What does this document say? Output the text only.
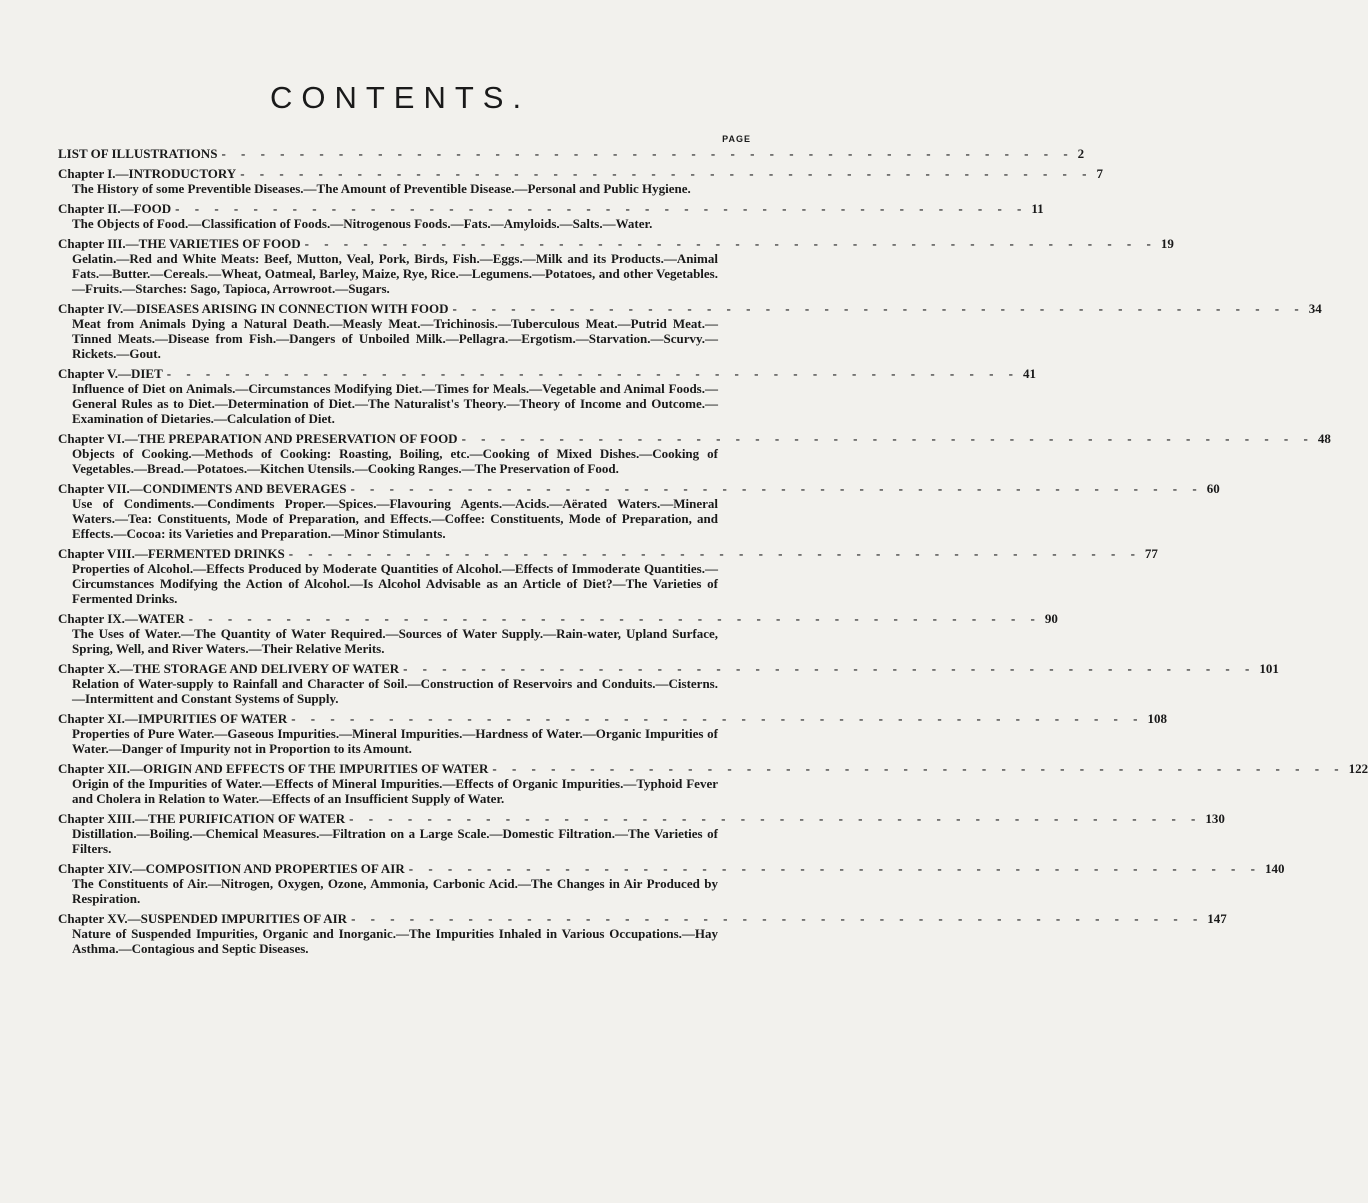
CONTENTS.
PAGE
LIST OF ILLUSTRATIONS - - - - - - - - - - - - - - - - - - - - - - - - - - - - - - - - - - - - - - - - - - - - 2
Chapter I.—INTRODUCTORY - - - - - - - - - - - - - - - - - - - - - - - - - - - - - - - - - - - - - - - - - - - - 7
The History of some Preventible Diseases.—The Amount of Preventible Disease.—Personal and Public Hygiene.
Chapter II.—FOOD - - - - - - - - - - - - - - - - - - - - - - - - - - - - - - - - - - - - - - - - - - - - 11
The Objects of Food.—Classification of Foods.—Nitrogenous Foods.—Fats.—Amyloids.—Salts.—Water.
Chapter III.—THE VARIETIES OF FOOD - - - - - - - - - - - - - - - - - - - - - - - - - - - - - - - - - - - - - - - - - - - - 19
Gelatin.—Red and White Meats: Beef, Mutton, Veal, Pork, Birds, Fish.—Eggs.—Milk and its Products.—Animal Fats.—Butter.—Cereals.—Wheat, Oatmeal, Barley, Maize, Rye, Rice.—Legumens.—Potatoes, and other Vegetables.—Fruits.—Starches: Sago, Tapioca, Arrowroot.—Sugars.
Chapter IV.—DISEASES ARISING IN CONNECTION WITH FOOD - - - - - - - - - - - - - - - - - - - - - - - - - - - - - - - - - - - - - - - - - - - - 34
Meat from Animals Dying a Natural Death.—Measly Meat.—Trichinosis.—Tuberculous Meat.—Putrid Meat.—Tinned Meats.—Disease from Fish.—Dangers of Unboiled Milk.—Pellagra.—Ergotism.—Starvation.—Scurvy.—Rickets.—Gout.
Chapter V.—DIET - - - - - - - - - - - - - - - - - - - - - - - - - - - - - - - - - - - - - - - - - - - - 41
Influence of Diet on Animals.—Circumstances Modifying Diet.—Times for Meals.—Vegetable and Animal Foods.—General Rules as to Diet.—Determination of Diet.—The Naturalist's Theory.—Theory of Income and Outcome.—Examination of Dietaries.—Calculation of Diet.
Chapter VI.—THE PREPARATION AND PRESERVATION OF FOOD - - - - - - - - - - - - - - - - - - - - - - - - - - - - - - - - - - - - - - - - - - - - 48
Objects of Cooking.—Methods of Cooking: Roasting, Boiling, etc.—Cooking of Mixed Dishes.—Cooking of Vegetables.—Bread.—Potatoes.—Kitchen Utensils.—Cooking Ranges.—The Preservation of Food.
Chapter VII.—CONDIMENTS AND BEVERAGES - - - - - - - - - - - - - - - - - - - - - - - - - - - - - - - - - - - - - - - - - - - - 60
Use of Condiments.—Condiments Proper.—Spices.—Flavouring Agents.—Acids.—Aërated Waters.—Mineral Waters.—Tea: Constituents, Mode of Preparation, and Effects.—Coffee: Constituents, Mode of Preparation, and Effects.—Cocoa: its Varieties and Preparation.—Minor Stimulants.
Chapter VIII.—FERMENTED DRINKS - - - - - - - - - - - - - - - - - - - - - - - - - - - - - - - - - - - - - - - - - - - - 77
Properties of Alcohol.—Effects Produced by Moderate Quantities of Alcohol.—Effects of Immoderate Quantities.—Circumstances Modifying the Action of Alcohol.—Is Alcohol Advisable as an Article of Diet?—The Varieties of Fermented Drinks.
Chapter IX.—WATER - - - - - - - - - - - - - - - - - - - - - - - - - - - - - - - - - - - - - - - - - - - - 90
The Uses of Water.—The Quantity of Water Required.—Sources of Water Supply.—Rain-water, Upland Surface, Spring, Well, and River Waters.—Their Relative Merits.
Chapter X.—THE STORAGE AND DELIVERY OF WATER - - - - - - - - - - - - - - - - - - - - - - - - - - - - - - - - - - - - - - - - - - - - 101
Relation of Water-supply to Rainfall and Character of Soil.—Construction of Reservoirs and Conduits.—Cisterns.—Intermittent and Constant Systems of Supply.
Chapter XI.—IMPURITIES OF WATER - - - - - - - - - - - - - - - - - - - - - - - - - - - - - - - - - - - - - - - - - - - - 108
Properties of Pure Water.—Gaseous Impurities.—Mineral Impurities.—Hardness of Water.—Organic Impurities of Water.—Danger of Impurity not in Proportion to its Amount.
Chapter XII.—ORIGIN AND EFFECTS OF THE IMPURITIES OF WATER - - - - - - - - - - - - - - - - - - - - - - - - - - - - - - - - - - - - - - - - - - - - 122
Origin of the Impurities of Water.—Effects of Mineral Impurities.—Effects of Organic Impurities.—Typhoid Fever and Cholera in Relation to Water.—Effects of an Insufficient Supply of Water.
Chapter XIII.—THE PURIFICATION OF WATER - - - - - - - - - - - - - - - - - - - - - - - - - - - - - - - - - - - - - - - - - - - - 130
Distillation.—Boiling.—Chemical Measures.—Filtration on a Large Scale.—Domestic Filtration.—The Varieties of Filters.
Chapter XIV.—COMPOSITION AND PROPERTIES OF AIR - - - - - - - - - - - - - - - - - - - - - - - - - - - - - - - - - - - - - - - - - - - - 140
The Constituents of Air.—Nitrogen, Oxygen, Ozone, Ammonia, Carbonic Acid.—The Changes in Air Produced by Respiration.
Chapter XV.—SUSPENDED IMPURITIES OF AIR - - - - - - - - - - - - - - - - - - - - - - - - - - - - - - - - - - - - - - - - - - - - 147
Nature of Suspended Impurities, Organic and Inorganic.—The Impurities Inhaled in Various Occupations.—Hay Asthma.—Contagious and Septic Diseases.
